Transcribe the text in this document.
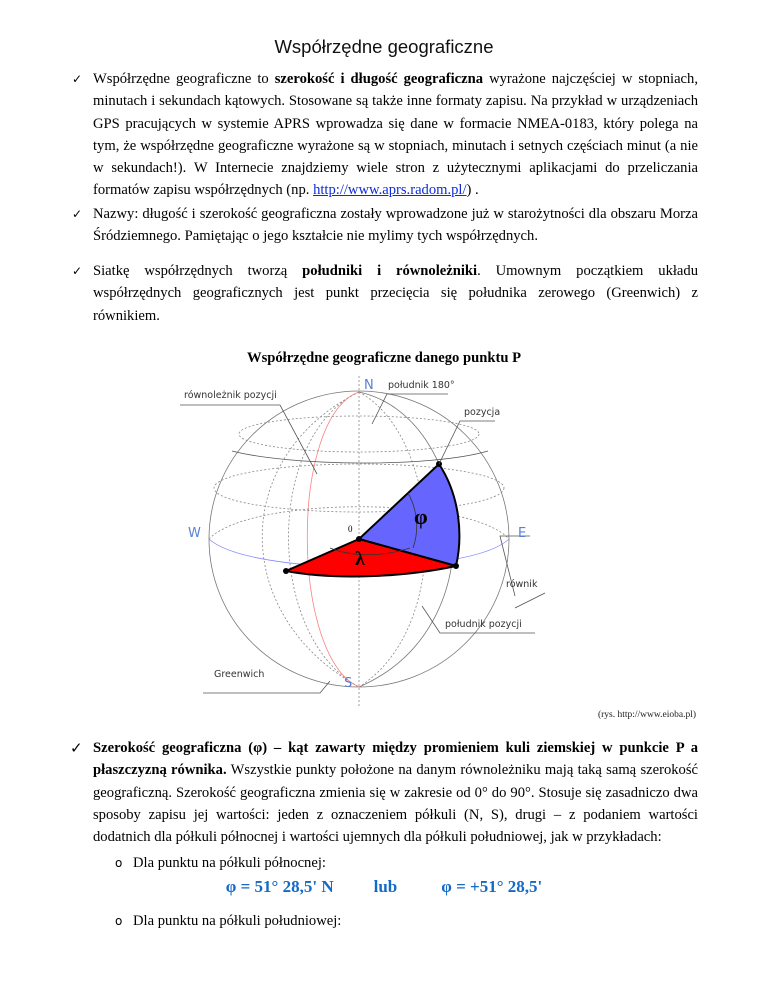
Współrzędne geograficzne
✓ Współrzędne geograficzne to szerokość i długość geograficzna wyrażone najczęściej w stopniach, minutach i sekundach kątowych. Stosowane są także inne formaty zapisu. Na przykład w urządzeniach GPS pracujących w systemie APRS wprowadza się dane w formacie NMEA-0183, który polega na tym, że współrzędne geograficzne wyrażone są w stopniach, minutach i setnych częściach minut (a nie w sekundach!). W Internecie znajdziemy wiele stron z użytecznymi aplikacjami do przeliczania formatów zapisu współrzędnych (np. http://www.aprs.radom.pl/) .

✓ Nazwy: długość i szerokość geograficzna zostały wprowadzone już w starożytności dla obszaru Morza Śródziemnego. Pamiętając o jego kształcie nie mylimy tych współrzędnych.

✓ Siatkę współrzędnych tworzą południki i równoleżniki. Umownym początkiem układu współrzędnych geograficznych jest punkt przecięcia się południka zerowego (Greenwich) z równikiem.

Współrzędne geograficzne danego punktu P
N
S
W	E
0	φ
λ
równoleżnik pozycji
południk 180°
pozycja
równik
południk pozycji
Greenwich
(rys. http://www.eioba.pl)
✓ Szerokość geograficzna (φ) – kąt zawarty między promieniem kuli ziemskiej w punkcie P a płaszczyzną równika. Wszystkie punkty położone na danym równoleżniku mają taką samą szerokość geograficzną. Szerokość geograficzna zmienia się w zakresie od 0° do 90°. Stosuje się zasadniczo dwa sposoby zapisu jej wartości: jeden z oznaczeniem półkuli (N, S), drugi – z podaniem wartości dodatnich dla półkuli północnej i wartości ujemnych dla półkuli południowej, jak w przykładach:

o Dla punktu na półkuli północnej:
φ = 51° 28,5' N lub	φ = +51° 28,5'
o Dla punktu na półkuli południowej:
